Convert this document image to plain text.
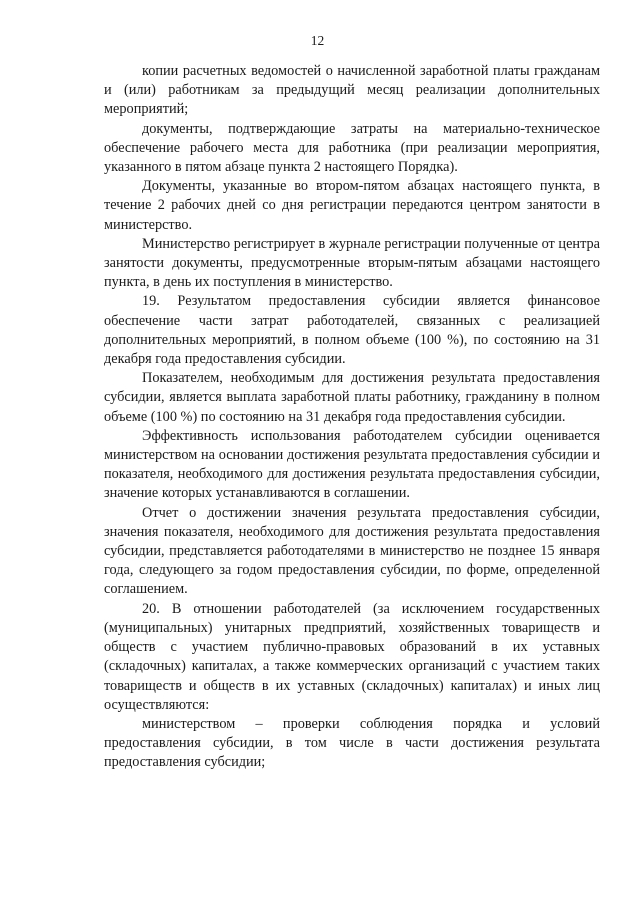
12

копии расчетных ведомостей о начисленной заработной платы гражданам и (или) работникам за предыдущий месяц реализации дополнительных мероприятий;

документы, подтверждающие затраты на материально-техническое обеспечение рабочего места для работника (при реализации мероприятия, указанного в пятом абзаце пункта 2 настоящего Порядка).

Документы, указанные во втором-пятом абзацах настоящего пункта, в течение 2 рабочих дней со дня регистрации передаются центром занятости в министерство.

Министерство регистрирует в журнале регистрации полученные от центра занятости документы, предусмотренные вторым-пятым абзацами настоящего пункта, в день их поступления в министерство.

19. Результатом предоставления субсидии является финансовое обеспечение части затрат работодателей, связанных с реализацией дополнительных мероприятий, в полном объеме (100 %), по состоянию на 31 декабря года предоставления субсидии.

Показателем, необходимым для достижения результата предоставления субсидии, является выплата заработной платы работнику, гражданину в полном объеме (100 %) по состоянию на 31 декабря года предоставления субсидии.

Эффективность использования работодателем субсидии оценивается министерством на основании достижения результата предоставления субсидии и показателя, необходимого для достижения результата предоставления субсидии, значение которых устанавливаются в соглашении.

Отчет о достижении значения результата предоставления субсидии, значения показателя, необходимого для достижения результата предоставления субсидии, представляется работодателями в министерство не позднее 15 января года, следующего за годом предоставления субсидии, по форме, определенной соглашением.

20. В отношении работодателей (за исключением государственных (муниципальных) унитарных предприятий, хозяйственных товариществ и обществ с участием публично-правовых образований в их уставных (складочных) капиталах, а также коммерческих организаций с участием таких товариществ и обществ в их уставных (складочных) капиталах) и иных лиц осуществляются:

министерством – проверки соблюдения порядка и условий предоставления субсидии, в том числе в части достижения результата предоставления субсидии;
